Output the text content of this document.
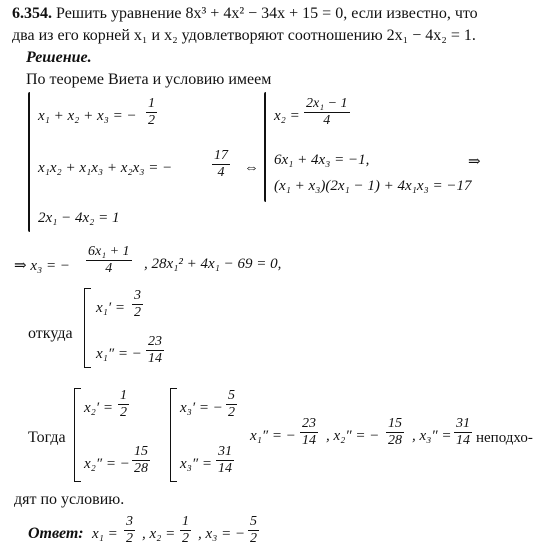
6.354. Решить уравнение 8x³ + 4x² − 34x + 15 = 0, если известно, что
два из его корней x₁ и x₂ удовлетворяют соотношению 2x₁ − 4x₂ = 1.
Решение.
По теореме Виета и условию имеем
x₁ + x₂ + x₃ = − $\frac{1}{2}$
x₁x₂ + x₁x₃ + x₂x₃ = −	$\frac{17}{4}$
2x₁ − 4x₂ = 1
⇔
$x_2 = \frac{\text{2x₁ − 1}}{4}$
6x₁ + 4x₃ = −1,
(x₁ + x₃)(2x₁ − 1) + 4x₁x₃ = −17
⇒
⇒ x₃ = − $\frac{\text{6x₁ + 1}}{4}$ , 28x₁² + 4x₁ − 69 = 0,
откуда
$x_1' = \frac{3}{2}$
x₁″ = − $\frac{23}{14}$
Тогда
$x_2' = \frac{1}{2}$
x₂″ = − $\frac{15}{28}$
x₃′ = − $\frac{5}{2}$
$x_3'' = \frac{31}{14}$
x₁″ = − $\frac{23}{14}$ , x₂″ = − $\frac{15}{28}$ , $x_3'' = \frac{31}{14}$ неподхо-
дят по условию.
Ответ: $x_1 = \frac{3}{2}$ , $x_2 = \frac{1}{2}$ , x₃ = − $\frac{5}{2}$
